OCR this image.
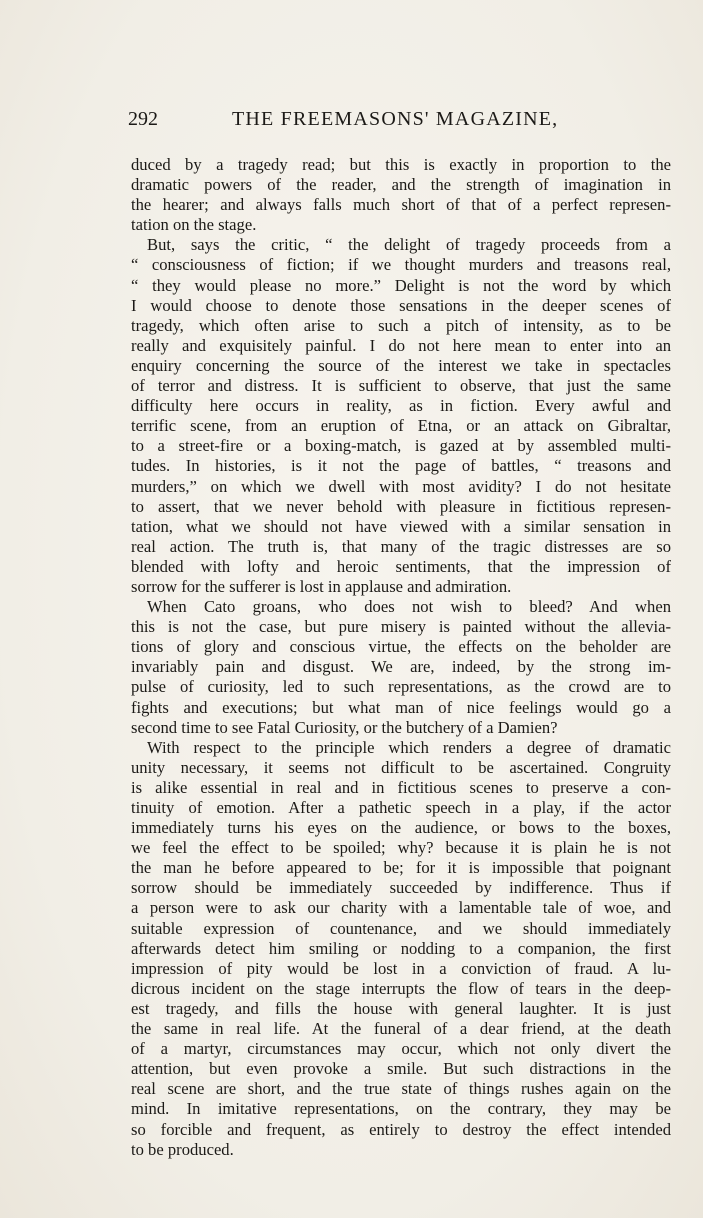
292	THE FREEMASONS' MAGAZINE,
duced by a tragedy read; but this is exactly in proportion to the
dramatic powers of the reader, and the strength of imagination in
the hearer; and always falls much short of that of a perfect represen-
tation on the stage.
But, says the critic, “ the delight of tragedy proceeds from a
“ consciousness of fiction; if we thought murders and treasons real,
“ they would please no more.” Delight is not the word by which
I would choose to denote those sensations in the deeper scenes of
tragedy, which often arise to such a pitch of intensity, as to be
really and exquisitely painful. I do not here mean to enter into an
enquiry concerning the source of the interest we take in spectacles
of terror and distress. It is sufficient to observe, that just the same
difficulty here occurs in reality, as in fiction. Every awful and
terrific scene, from an eruption of Etna, or an attack on Gibraltar,
to a street-fire or a boxing-match, is gazed at by assembled multi-
tudes. In histories, is it not the page of battles, “ treasons and
murders,” on which we dwell with most avidity? I do not hesitate
to assert, that we never behold with pleasure in fictitious represen-
tation, what we should not have viewed with a similar sensation in
real action. The truth is, that many of the tragic distresses are so
blended with lofty and heroic sentiments, that the impression of
sorrow for the sufferer is lost in applause and admiration.
When Cato groans, who does not wish to bleed? And when
this is not the case, but pure misery is painted without the allevia-
tions of glory and conscious virtue, the effects on the beholder are
invariably pain and disgust. We are, indeed, by the strong im-
pulse of curiosity, led to such representations, as the crowd are to
fights and executions; but what man of nice feelings would go a
second time to see Fatal Curiosity, or the butchery of a Damien?
With respect to the principle which renders a degree of dramatic
unity necessary, it seems not difficult to be ascertained. Congruity
is alike essential in real and in fictitious scenes to preserve a con-
tinuity of emotion. After a pathetic speech in a play, if the actor
immediately turns his eyes on the audience, or bows to the boxes,
we feel the effect to be spoiled; why? because it is plain he is not
the man he before appeared to be; for it is impossible that poignant
sorrow should be immediately succeeded by indifference. Thus if
a person were to ask our charity with a lamentable tale of woe, and
suitable expression of countenance, and we should immediately
afterwards detect him smiling or nodding to a companion, the first
impression of pity would be lost in a conviction of fraud. A lu-
dicrous incident on the stage interrupts the flow of tears in the deep-
est tragedy, and fills the house with general laughter. It is just
the same in real life. At the funeral of a dear friend, at the death
of a martyr, circumstances may occur, which not only divert the
attention, but even provoke a smile. But such distractions in the
real scene are short, and the true state of things rushes again on the
mind. In imitative representations, on the contrary, they may be
so forcible and frequent, as entirely to destroy the effect intended
to be produced.
